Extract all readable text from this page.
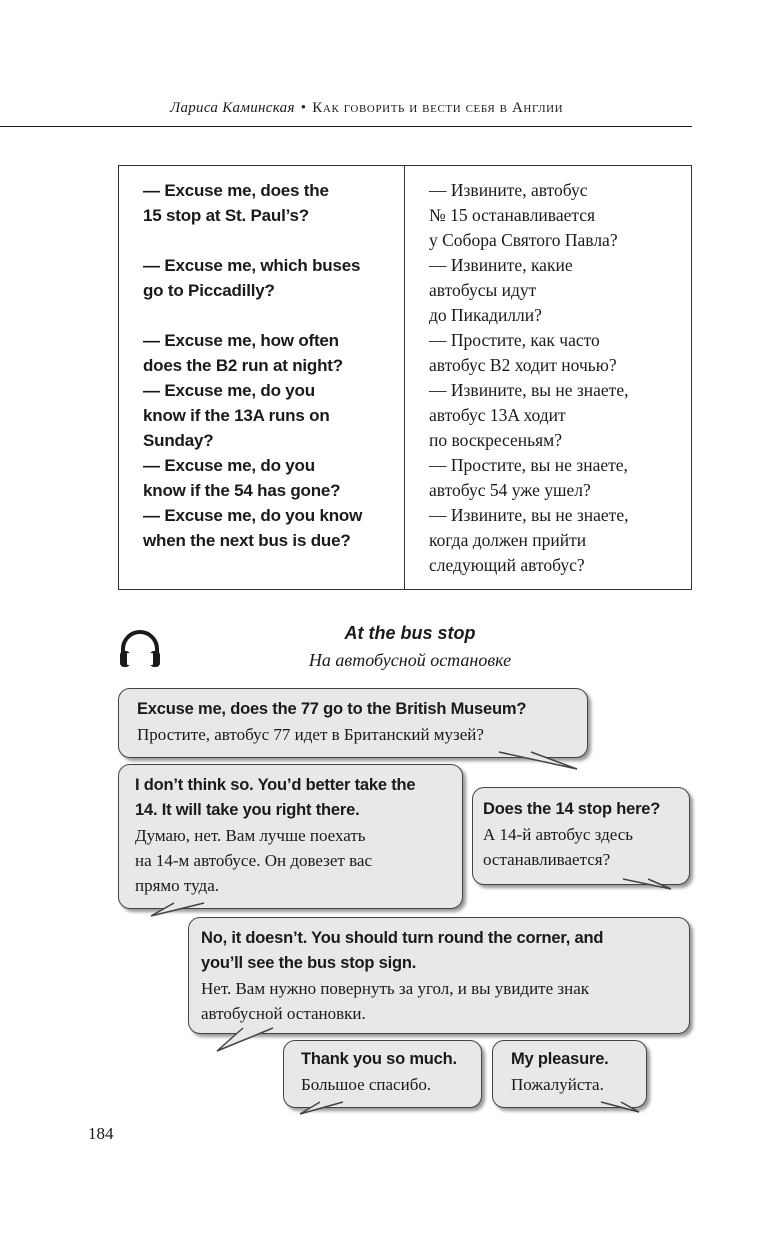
Лариса Каминская • Как говорить и вести себя в Англии
— Excuse me, does the
15 stop at St. Paul’s?
— Excuse me, which buses
go to Piccadilly?
— Excuse me, how often
does the B2 run at night?
— Excuse me, do you
know if the 13A runs on
Sunday?
— Excuse me, do you
know if the 54 has gone?
— Excuse me, do you know
when the next bus is due?
— Извините, автобус
№ 15 останавливается
у Собора Святого Павла?
— Извините, какие
автобусы идут
до Пикадилли?
— Простите, как часто
автобус B2 ходит ночью?
— Извините, вы не знаете,
автобус 13A ходит
по воскресеньям?
— Простите, вы не знаете,
автобус 54 уже ушел?
— Извините, вы не знаете,
когда должен прийти
следующий автобус?
At the bus stop
На автобусной остановке
Excuse me, does the 77 go to the British Museum?
Простите, автобус 77 идет в Британский музей?
I don’t think so. You’d better take the
14. It will take you right there.
Думаю, нет. Вам лучше поехать
на 14-м автобусе. Он довезет вас
прямо туда.
Does the 14 stop here?
А 14-й автобус здесь
останавливается?
No, it doesn’t. You should turn round the corner, and
you’ll see the bus stop sign.
Нет. Вам нужно повернуть за угол, и вы увидите знак
автобусной остановки.
Thank you so much.
Большое спасибо.
My pleasure.
Пожалуйста.
184
